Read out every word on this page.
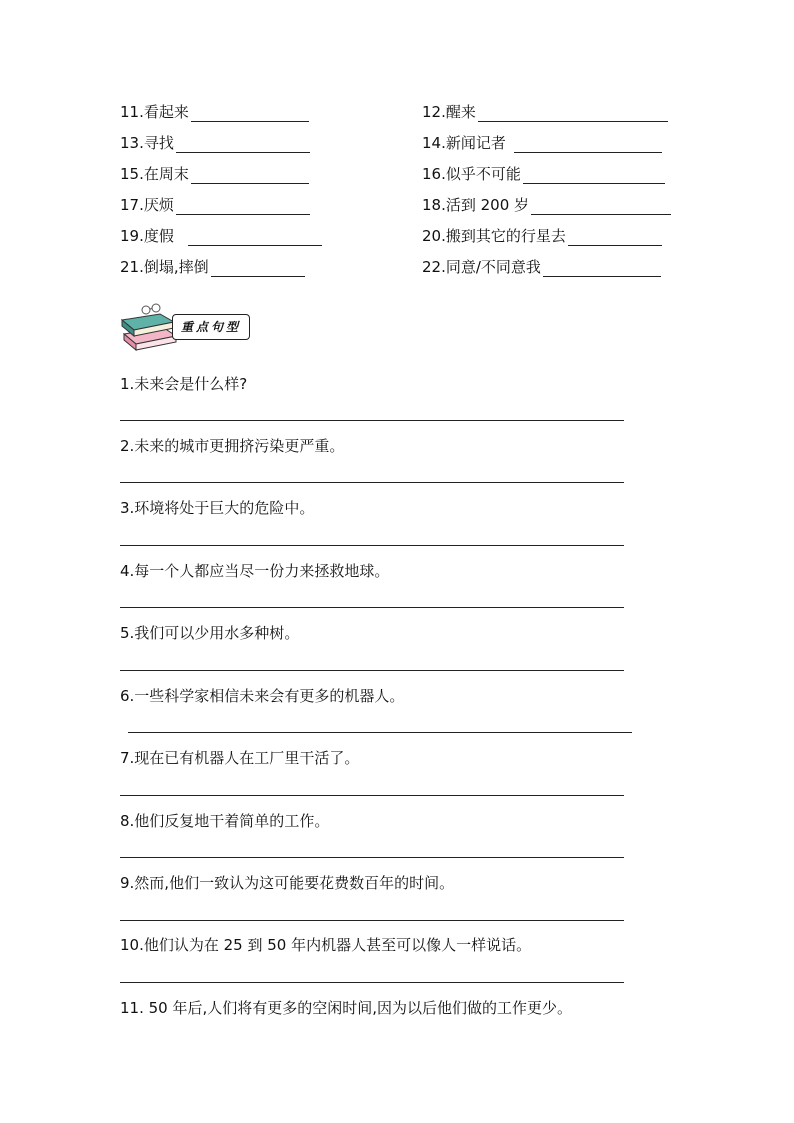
11.看起来	12.醒来
13.寻找	14.新闻记者
15.在周末	16.似乎不可能
17.厌烦	18.活到 200 岁
19.度假	20.搬到其它的行星去
21.倒塌,摔倒	22.同意/不同意我
重点句型
1.未来会是什么样?
2.未来的城市更拥挤污染更严重。
3.环境将处于巨大的危险中。
4.每一个人都应当尽一份力来拯救地球。
5.我们可以少用水多种树。
6.一些科学家相信未来会有更多的机器人。
7.现在已有机器人在工厂里干活了。
8.他们反复地干着简单的工作。
9.然而,他们一致认为这可能要花费数百年的时间。
10.他们认为在 25 到 50 年内机器人甚至可以像人一样说话。
11. 50 年后,人们将有更多的空闲时间,因为以后他们做的工作更少。
